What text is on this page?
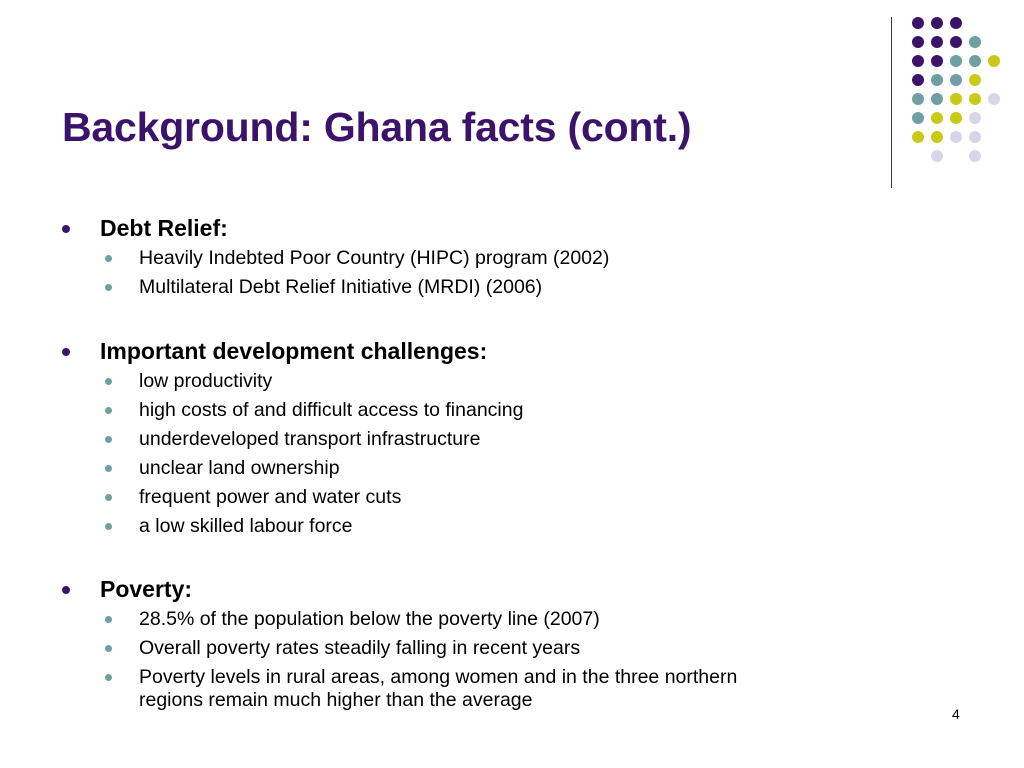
Background: Ghana facts (cont.)
Debt Relief:
Heavily Indebted Poor Country (HIPC) program (2002)
Multilateral Debt Relief Initiative (MRDI) (2006)
Important development challenges:
low productivity
high costs of and difficult access to financing
underdeveloped transport infrastructure
unclear land ownership
frequent power and water cuts
a low skilled labour force
Poverty:
28.5% of the population below the poverty line (2007)
Overall poverty rates steadily falling in recent years
Poverty levels in rural areas, among women and in the three northern
regions remain much higher than the average
4
